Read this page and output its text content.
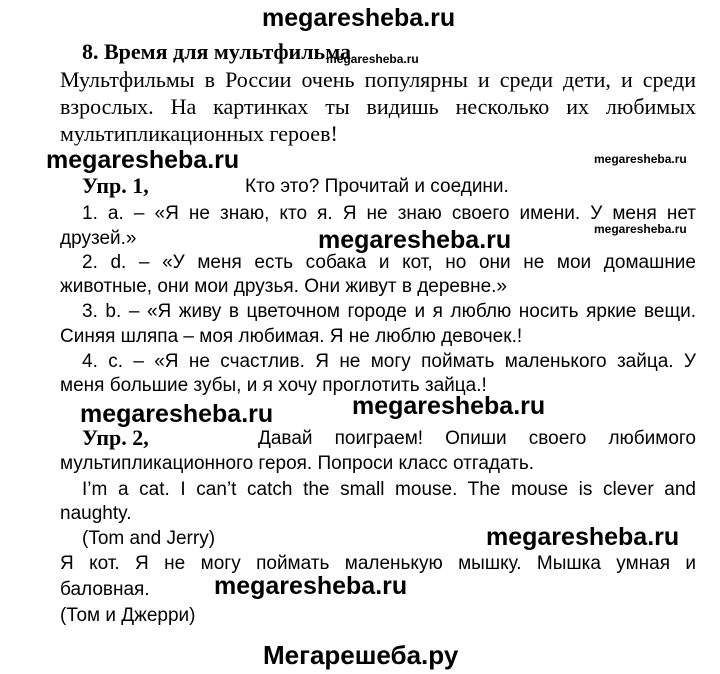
megaresheba.ru
8. Время для мультфильма
megaresheba.ru
Мультфильмы в России очень популярны и среди дети, и среди
взрослых. На картинках ты видишь несколько их любимых
мультипликационных героев!
megaresheba.ru	megaresheba.ru
Упр. 1,	Кто это? Прочитай и соедини.
1. a. – «Я не знаю, кто я. Я не знаю своего имени. У меня нет
друзей.»	megaresheba.ru
megaresheba.ru
2. d. – «У меня есть собака и кот, но они не мои домашние
животные, они мои друзья. Они живут в деревне.»
3. b. – «Я живу в цветочном городе и я люблю носить яркие вещи.
Синяя шляпа – моя любимая. Я не люблю девочек.!
4. c. – «Я не счастлив. Я не могу поймать маленького зайца. У
меня большие зубы, и я хочу проглотить зайца.!
megaresheba.ru	megaresheba.ru
Упр. 2,	Давай поиграем! Опиши своего любимого
мультипликационного героя. Попроси класс отгадать.
I’m a cat. I can’t catch the small mouse. The mouse is clever and
naughty.
(Tom and Jerry)	megaresheba.ru
Я кот. Я не могу поймать маленькую мышку. Мышка умная и
баловная.	megaresheba.ru
(Том и Джерри)
Мегарешеба.ру
